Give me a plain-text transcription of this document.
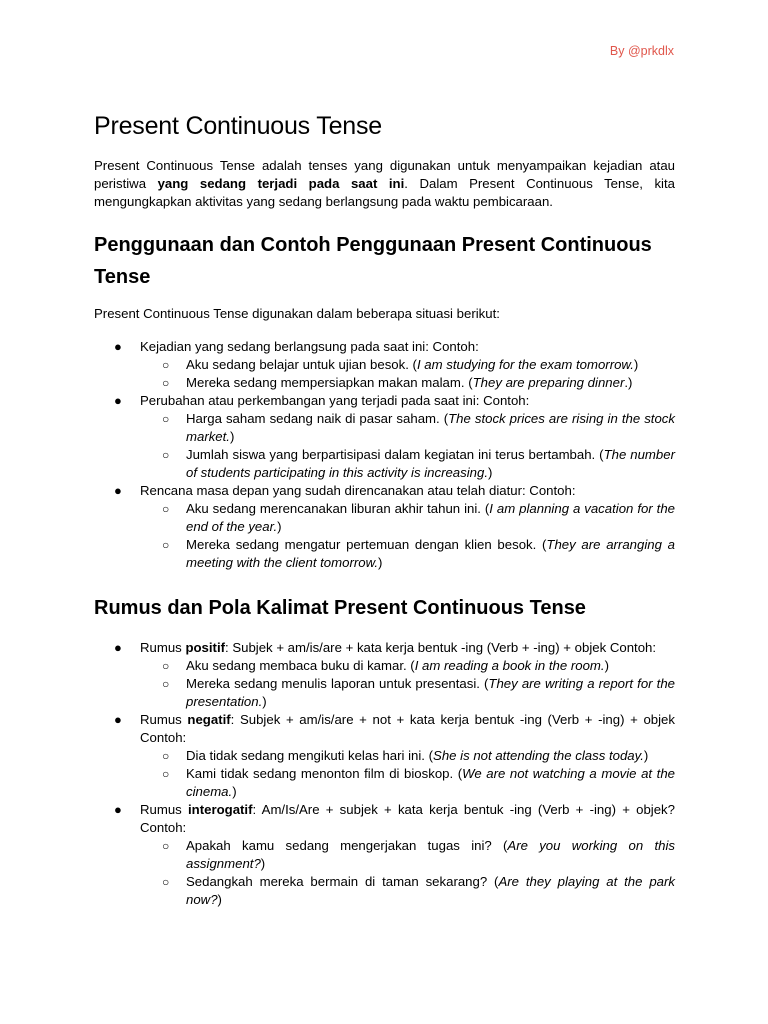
By @prkdlx
Present Continuous Tense

Present Continuous Tense adalah tenses yang digunakan untuk menyampaikan kejadian atau peristiwa yang sedang terjadi pada saat ini. Dalam Present Continuous Tense, kita mengungkapkan aktivitas yang sedang berlangsung pada waktu pembicaraan.

Penggunaan dan Contoh Penggunaan Present Continuous Tense

Present Continuous Tense digunakan dalam beberapa situasi berikut:

● Kejadian yang sedang berlangsung pada saat ini: Contoh:
○ Aku sedang belajar untuk ujian besok. (I am studying for the exam tomorrow.)
○ Mereka sedang mempersiapkan makan malam. (They are preparing dinner.)
● Perubahan atau perkembangan yang terjadi pada saat ini: Contoh:
○ Harga saham sedang naik di pasar saham. (The stock prices are rising in the stock market.)
○ Jumlah siswa yang berpartisipasi dalam kegiatan ini terus bertambah. (The number of students participating in this activity is increasing.)
● Rencana masa depan yang sudah direncanakan atau telah diatur: Contoh:
○ Aku sedang merencanakan liburan akhir tahun ini. (I am planning a vacation for the end of the year.)
○ Mereka sedang mengatur pertemuan dengan klien besok. (They are arranging a meeting with the client tomorrow.)
Rumus dan Pola Kalimat Present Continuous Tense
● Rumus positif: Subjek + am/is/are + kata kerja bentuk -ing (Verb + -ing) + objek Contoh:
○ Aku sedang membaca buku di kamar. (I am reading a book in the room.)
○ Mereka sedang menulis laporan untuk presentasi. (They are writing a report for the presentation.)
● Rumus negatif: Subjek + am/is/are + not + kata kerja bentuk -ing (Verb + -ing) + objek Contoh:
○ Dia tidak sedang mengikuti kelas hari ini. (She is not attending the class today.)
○ Kami tidak sedang menonton film di bioskop. (We are not watching a movie at the cinema.)
● Rumus interogatif: Am/Is/Are + subjek + kata kerja bentuk -ing (Verb + -ing) + objek? Contoh:
○ Apakah kamu sedang mengerjakan tugas ini? (Are you working on this assignment?)
○ Sedangkah mereka bermain di taman sekarang? (Are they playing at the park now?)
